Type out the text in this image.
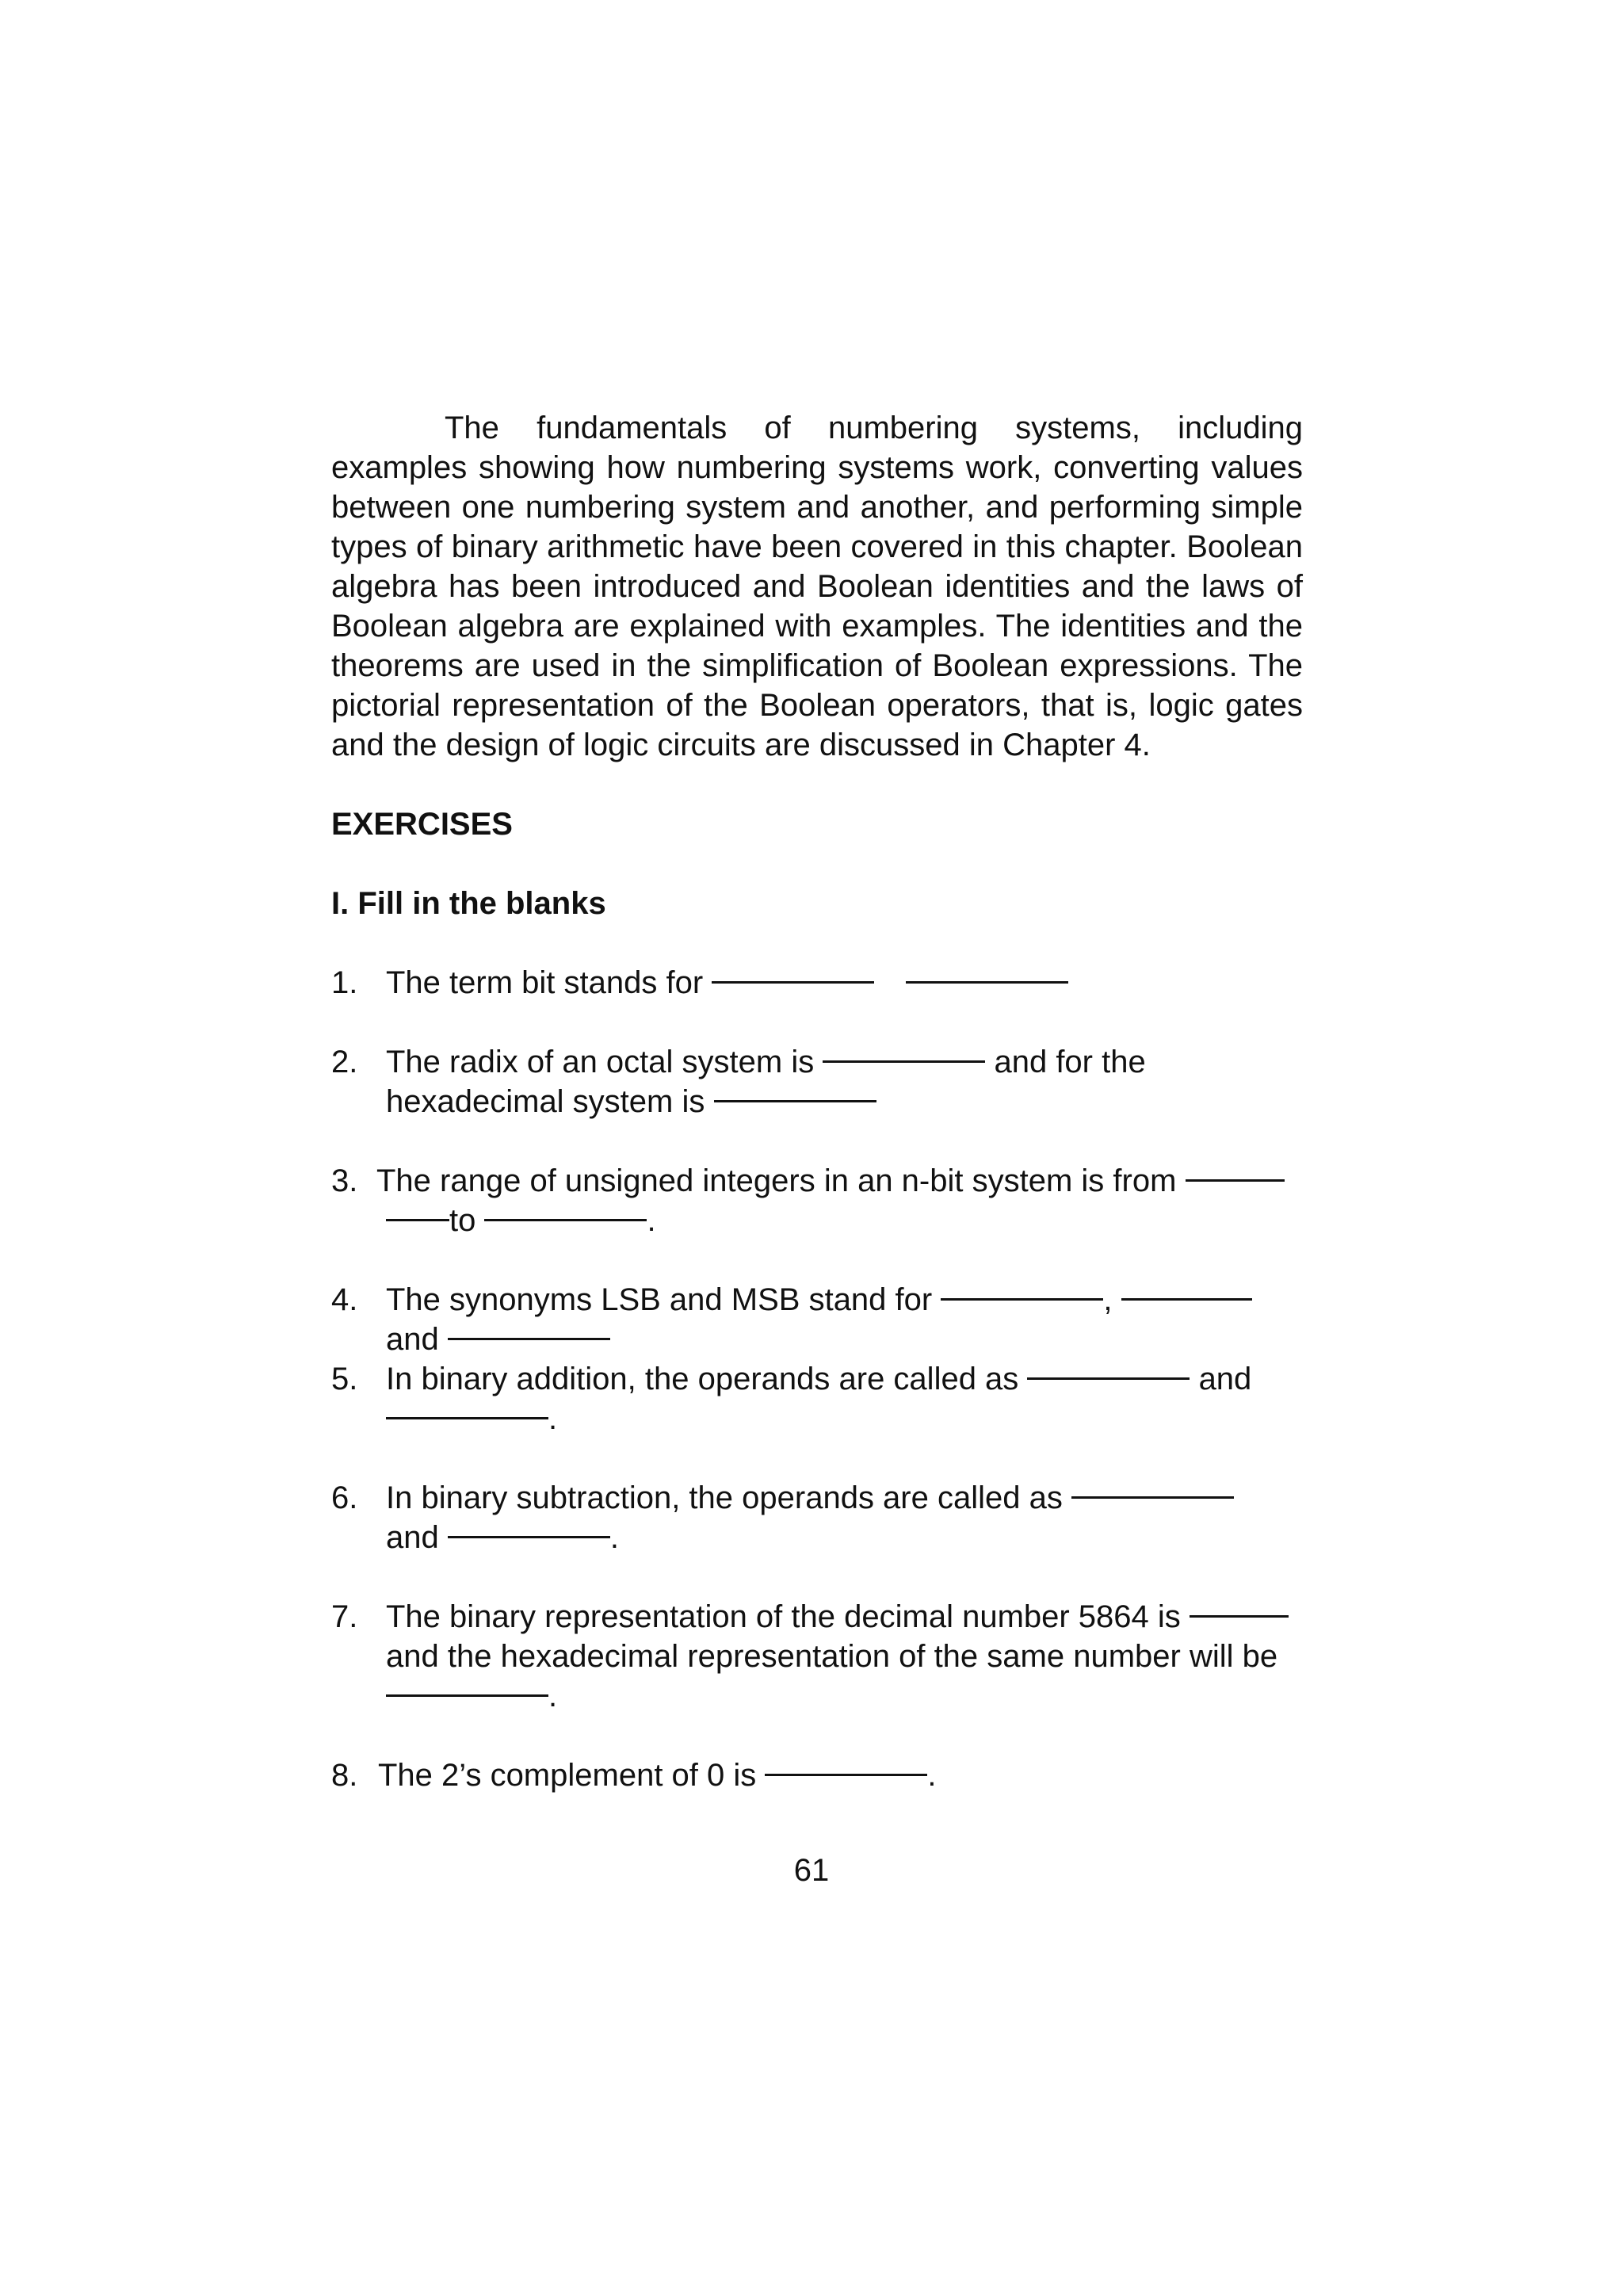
The fundamentals of numbering systems, including examples showing how numbering systems work, converting values between one numbering system and another, and performing simple types of binary arithmetic have been covered in this chapter. Boolean algebra has been introduced and Boolean identities and the laws of Boolean algebra are explained with examples. The identities and the theorems are used in the simplification of Boolean expressions. The pictorial representation of the Boolean operators, that is, logic gates and the design of logic circuits are discussed in Chapter 4.

EXERCISES

I. Fill in the blanks

1. The term bit stands for
2. The radix of an octal system is	and for the
hexadecimal system is
3. The range of unsigned integers in an n-bit system is from
to	.
4. The synonyms LSB and MSB stand for	,
and
5. In binary addition, the operands are called as	and
.
6. In binary subtraction, the operands are called as
and	.
7. The binary representation of the decimal number 5864 is
and the hexadecimal representation of the same number will be
.
8. The 2’s complement of 0 is	.
61
